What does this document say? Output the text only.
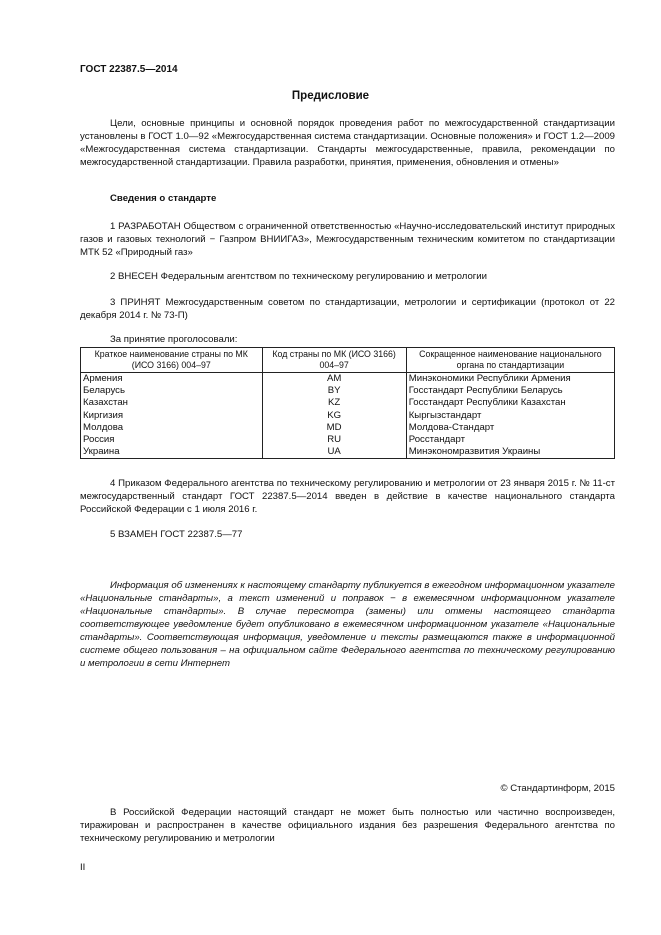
ГОСТ 22387.5—2014
Предисловие
Цели, основные принципы и основной порядок проведения работ по межгосударственной стандартизации установлены в ГОСТ 1.0—92 «Межгосударственная система стандартизации. Основные положения» и ГОСТ 1.2—2009 «Межгосударственная система стандартизации. Стандарты межгосударственные, правила, рекомендации по межгосударственной стандартизации. Правила разработки, принятия, применения, обновления и отмены»
Сведения о стандарте
1 РАЗРАБОТАН Обществом с ограниченной ответственностью «Научно-исследовательский институт природных газов и газовых технологий − Газпром ВНИИГАЗ», Межгосударственным техническим комитетом по стандартизации МТК 52 «Природный газ»
2 ВНЕСЕН Федеральным агентством по техническому регулированию и метрологии
3 ПРИНЯТ Межгосударственным советом по стандартизации, метрологии и сертификации (протокол от 22 декабря 2014 г. № 73-П)
За принятие проголосовали:
Краткое наименование страны по МК (ИСО 3166) 004–97	Код страны по МК (ИСО 3166) 004–97	Сокращенное наименование национального органа по стандартизации
Армения	AM	Минэкономики Республики Армения
Беларусь	BY	Госстандарт Республики Беларусь
Казахстан	KZ	Госстандарт Республики Казахстан
Киргизия	KG	Кыргызстандарт
Молдова	MD	Молдова-Стандарт
Россия	RU	Росстандарт
Украина	UA	Минэкономразвития Украины
4 Приказом Федерального агентства по техническому регулированию и метрологии от 23 января 2015 г. № 11-ст межгосударственный стандарт ГОСТ 22387.5—2014 введен в действие в качестве национального стандарта Российской Федерации с 1 июля 2016 г.
5 ВЗАМЕН ГОСТ 22387.5—77
Информация об изменениях к настоящему стандарту публикуется в ежегодном информационном указателе «Национальные стандарты», а текст изменений и поправок − в ежемесячном информационном указателе «Национальные стандарты». В случае пересмотра (замены) или отмены настоящего стандарта соответствующее уведомление будет опубликовано в ежемесячном информационном указателе «Национальные стандарты». Соответствующая информация, уведомление и тексты размещаются также в информационной системе общего пользования – на официальном сайте Федерального агентства по техническому регулированию и метрологии в сети Интернет
© Стандартинформ, 2015
В Российской Федерации настоящий стандарт не может быть полностью или частично воспроизведен, тиражирован и распространен в качестве официального издания без разрешения Федерального агентства по техническому регулированию и метрологии
II
